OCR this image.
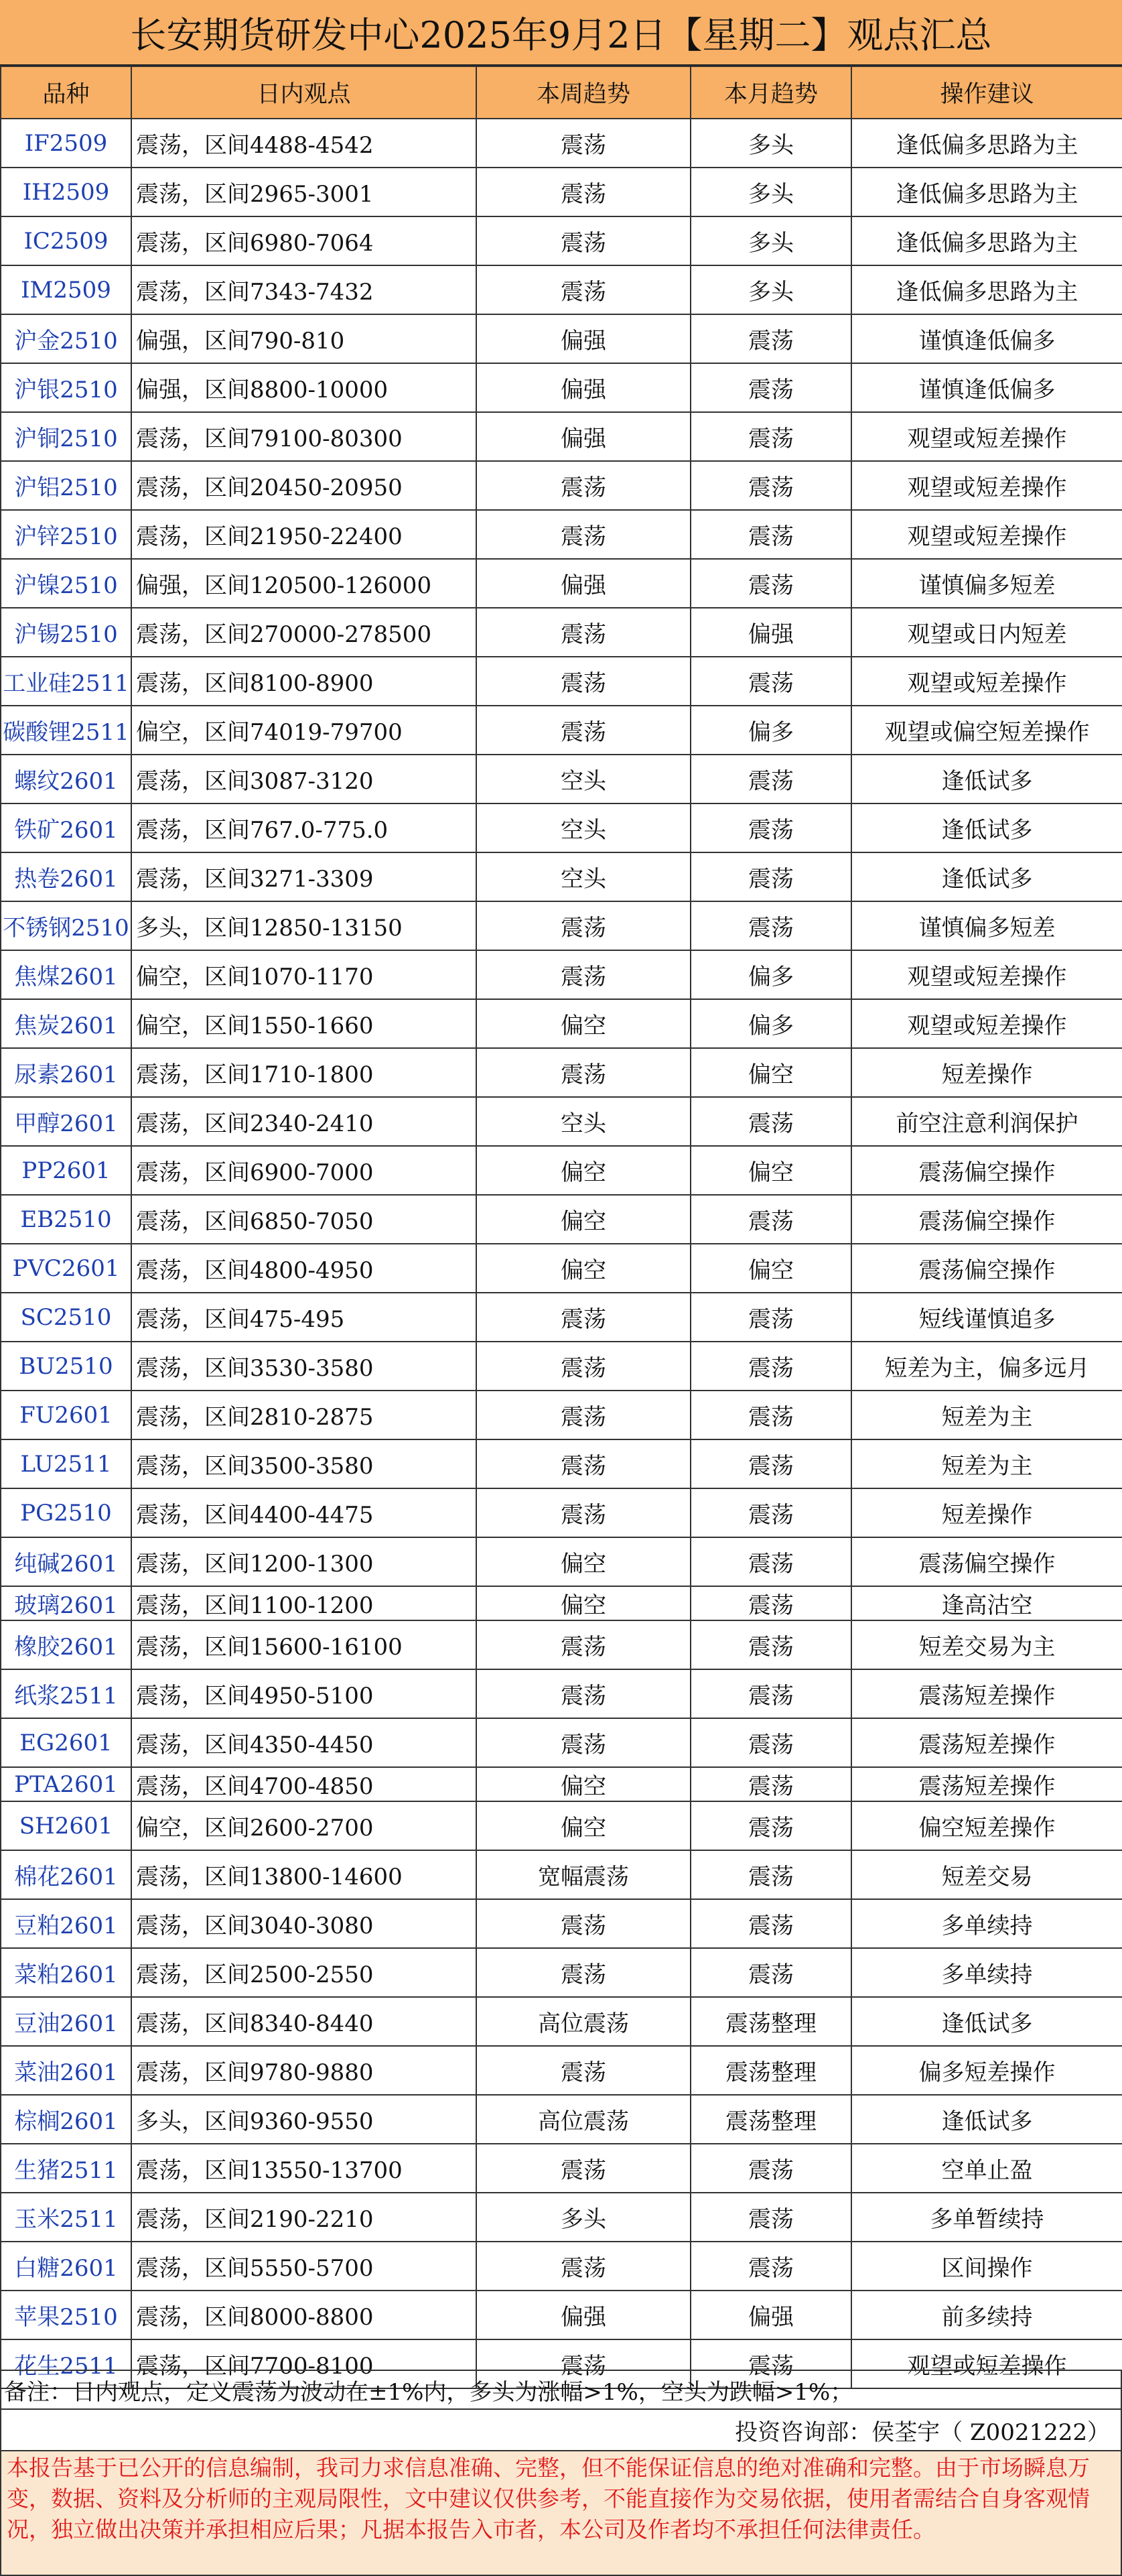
长安期货研发中心2025年9月2日【星期二】观点汇总
品种	日内观点	本周趋势	本月趋势	操作建议
IF2509	震荡，区间4488-4542	震荡	多头	逢低偏多思路为主
IH2509	震荡，区间2965-3001	震荡	多头	逢低偏多思路为主
IC2509	震荡，区间6980-7064	震荡	多头	逢低偏多思路为主
IM2509	震荡，区间7343-7432	震荡	多头	逢低偏多思路为主
沪金2510	偏强，区间790-810	偏强	震荡	谨慎逢低偏多
沪银2510	偏强，区间8800-10000	偏强	震荡	谨慎逢低偏多
沪铜2510	震荡，区间79100-80300	偏强	震荡	观望或短差操作
沪铝2510	震荡，区间20450-20950	震荡	震荡	观望或短差操作
沪锌2510	震荡，区间21950-22400	震荡	震荡	观望或短差操作
沪镍2510	偏强，区间120500-126000	偏强	震荡	谨慎偏多短差
沪锡2510	震荡，区间270000-278500	震荡	偏强	观望或日内短差
工业硅2511	震荡，区间8100-8900	震荡	震荡	观望或短差操作
碳酸锂2511	偏空，区间74019-79700	震荡	偏多	观望或偏空短差操作
螺纹2601	震荡，区间3087-3120	空头	震荡	逢低试多
铁矿2601	震荡，区间767.0-775.0	空头	震荡	逢低试多
热卷2601	震荡，区间3271-3309	空头	震荡	逢低试多
不锈钢2510	多头，区间12850-13150	震荡	震荡	谨慎偏多短差
焦煤2601	偏空，区间1070-1170	震荡	偏多	观望或短差操作
焦炭2601	偏空，区间1550-1660	偏空	偏多	观望或短差操作
尿素2601	震荡，区间1710-1800	震荡	偏空	短差操作
甲醇2601	震荡，区间2340-2410	空头	震荡	前空注意利润保护
PP2601	震荡，区间6900-7000	偏空	偏空	震荡偏空操作
EB2510	震荡，区间6850-7050	偏空	震荡	震荡偏空操作
PVC2601	震荡，区间4800-4950	偏空	偏空	震荡偏空操作
SC2510	震荡，区间475-495	震荡	震荡	短线谨慎追多
BU2510	震荡，区间3530-3580	震荡	震荡	短差为主，偏多远月
FU2601	震荡，区间2810-2875	震荡	震荡	短差为主
LU2511	震荡，区间3500-3580	震荡	震荡	短差为主
PG2510	震荡，区间4400-4475	震荡	震荡	短差操作
纯碱2601	震荡，区间1200-1300	偏空	震荡	震荡偏空操作
玻璃2601	震荡，区间1100-1200	偏空	震荡	逢高沽空
橡胶2601	震荡，区间15600-16100	震荡	震荡	短差交易为主
纸浆2511	震荡，区间4950-5100	震荡	震荡	震荡短差操作
EG2601	震荡，区间4350-4450	震荡	震荡	震荡短差操作
PTA2601	震荡，区间4700-4850	偏空	震荡	震荡短差操作
SH2601	偏空，区间2600-2700	偏空	震荡	偏空短差操作
棉花2601	震荡，区间13800-14600	宽幅震荡	震荡	短差交易
豆粕2601	震荡，区间3040-3080	震荡	震荡	多单续持
菜粕2601	震荡，区间2500-2550	震荡	震荡	多单续持
豆油2601	震荡，区间8340-8440	高位震荡	震荡整理	逢低试多
菜油2601	震荡，区间9780-9880	震荡	震荡整理	偏多短差操作
棕榈2601	多头，区间9360-9550	高位震荡	震荡整理	逢低试多
生猪2511	震荡，区间13550-13700	震荡	震荡	空单止盈
玉米2511	震荡，区间2190-2210	多头	震荡	多单暂续持
白糖2601	震荡，区间5550-5700	震荡	震荡	区间操作
苹果2510	震荡，区间8000-8800	偏强	偏强	前多续持
花生2511	震荡，区间7700-8100	震荡	震荡	观望或短差操作
备注：日内观点，定义震荡为波动在±1%内，多头为涨幅>1%，空头为跌幅>1%；
投资咨询部：侯荃宇（ Z0021222）
本报告基于已公开的信息编制，我司力求信息准确、完整，但不能保证信息的绝对准确和完整。由于市场瞬息万变，数据、资料及分析师的主观局限性，文中建议仅供参考，不能直接作为交易依据，使用者需结合自身客观情况，独立做出决策并承担相应后果；凡据本报告入市者，本公司及作者均不承担任何法律责任。
